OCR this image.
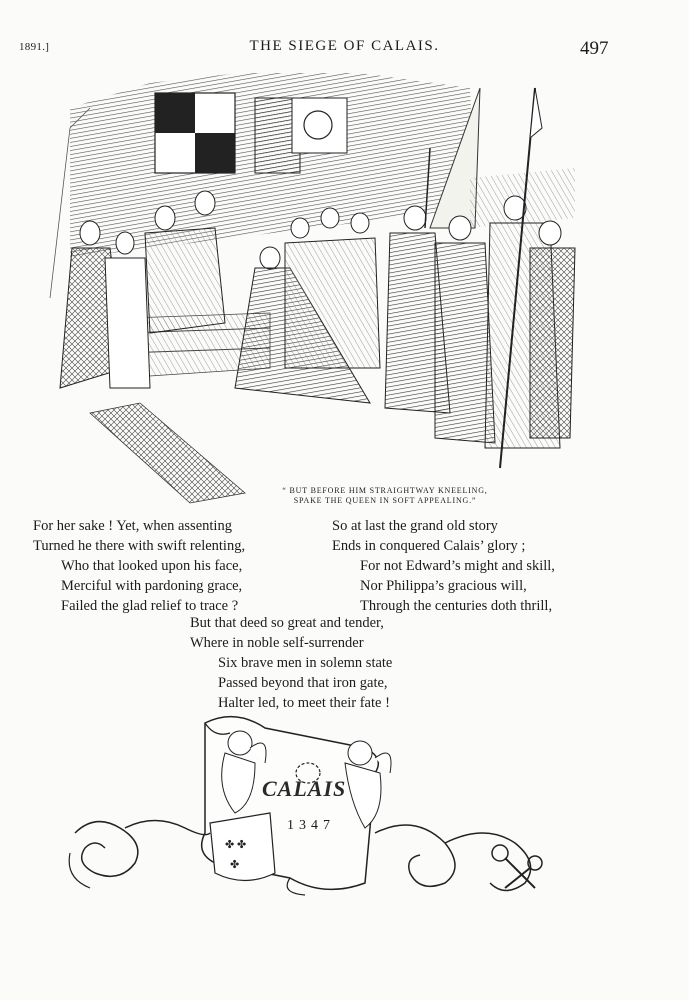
1891.]	THE SIEGE OF CALAIS.	497
“ BUT BEFORE HIM STRAIGHTWAY KNEELING,
SPAKE THE QUEEN IN SOFT APPEALING.”
For her sake ! Yet, when assenting
Turned he there with swift relenting,
Who that looked upon his face,
Merciful with pardoning grace,
Failed the glad relief to trace ?
So at last the grand old story
Ends in conquered Calais’ glory ;
For not Edward’s might and skill,
Nor Philippa’s gracious will,
Through the centuries doth thrill,
But that deed so great and tender,
Where in noble self-surrender
Six brave men in solemn state
Passed beyond that iron gate,
Halter led, to meet their fate !
✤ ✤
✤
CALAIS
1347
